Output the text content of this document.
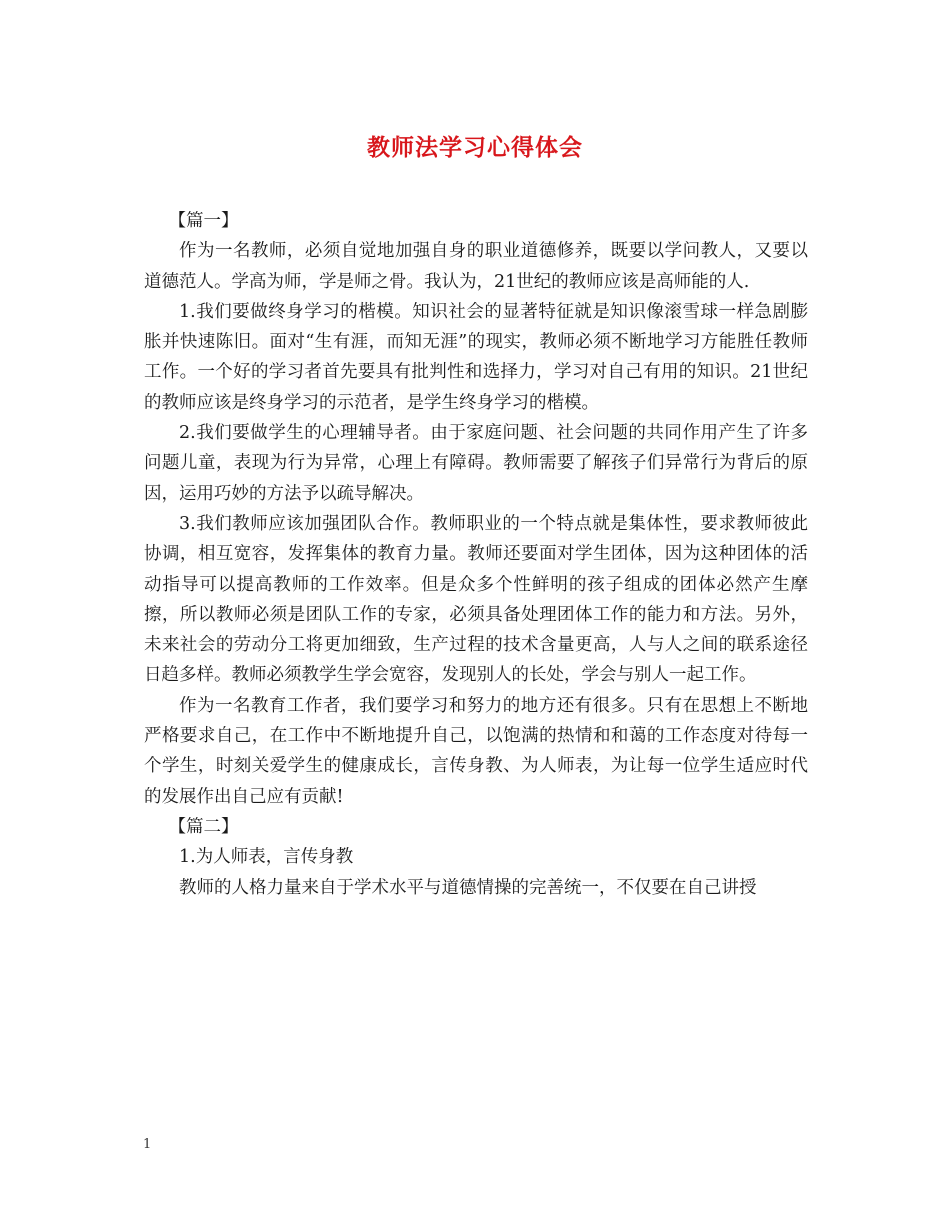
教师法学习心得体会

【篇一】

作为一名教师，必须自觉地加强自身的职业道德修养，既要以学问教人，又要以道德范人。学高为师，学是师之骨。我认为，21世纪的教师应该是高师能的人.

1.我们要做终身学习的楷模。知识社会的显著特征就是知识像滚雪球一样急剧膨胀并快速陈旧。面对“生有涯，而知无涯”的现实，教师必须不断地学习方能胜任教师工作。一个好的学习者首先要具有批判性和选择力，学习对自己有用的知识。21世纪的教师应该是终身学习的示范者，是学生终身学习的楷模。

2.我们要做学生的心理辅导者。由于家庭问题、社会问题的共同作用产生了许多问题儿童，表现为行为异常，心理上有障碍。教师需要了解孩子们异常行为背后的原因，运用巧妙的方法予以疏导解决。

3.我们教师应该加强团队合作。教师职业的一个特点就是集体性，要求教师彼此协调，相互宽容，发挥集体的教育力量。教师还要面对学生团体，因为这种团体的活动指导可以提高教师的工作效率。但是众多个性鲜明的孩子组成的团体必然产生摩擦，所以教师必须是团队工作的专家，必须具备处理团体工作的能力和方法。另外，未来社会的劳动分工将更加细致，生产过程的技术含量更高，人与人之间的联系途径日趋多样。教师必须教学生学会宽容，发现别人的长处，学会与别人一起工作。

作为一名教育工作者，我们要学习和努力的地方还有很多。只有在思想上不断地严格要求自己，在工作中不断地提升自己，以饱满的热情和和蔼的工作态度对待每一个学生，时刻关爱学生的健康成长，言传身教、为人师表，为让每一位学生适应时代的发展作出自己应有贡献!

【篇二】

1.为人师表，言传身教

教师的人格力量来自于学术水平与道德情操的完善统一，不仅要在自己讲授

1
